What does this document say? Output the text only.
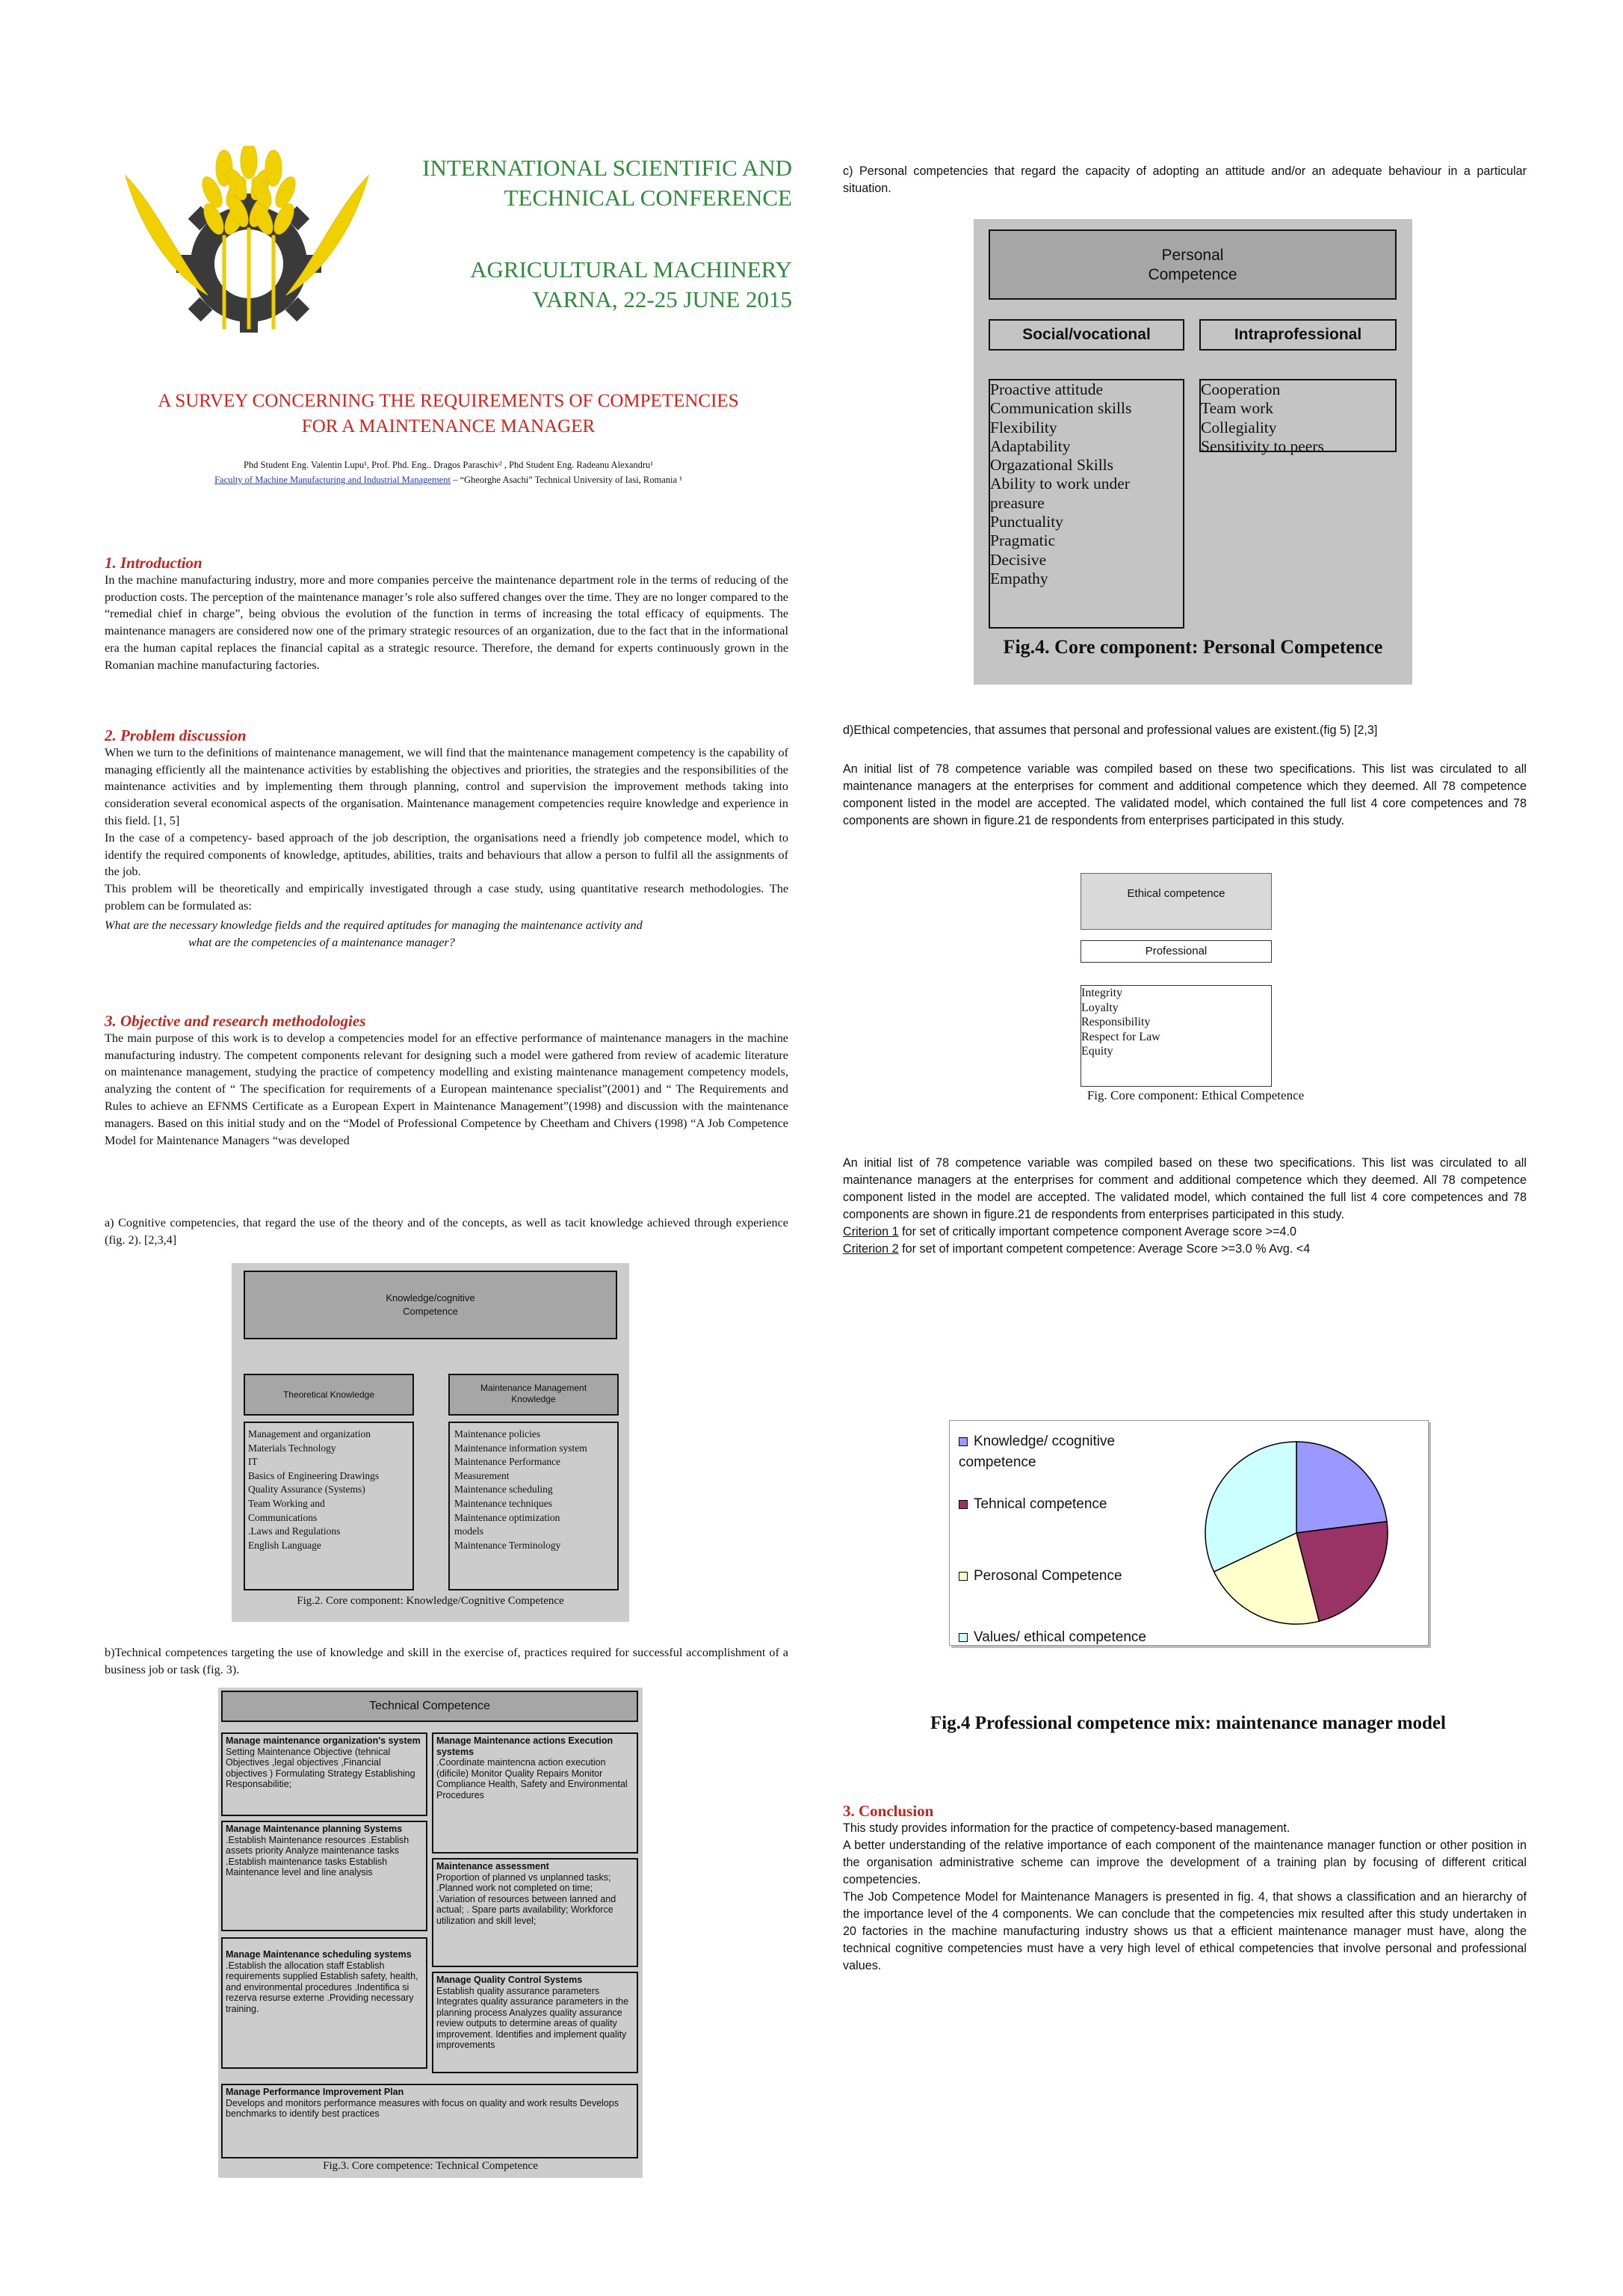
INTERNATIONAL SCIENTIFIC AND
TECHNICAL CONFERENCE
AGRICULTURAL MACHINERY
VARNA, 22-25 JUNE 2015
A SURVEY CONCERNING THE REQUIREMENTS OF COMPETENCIES
FOR A MAINTENANCE MANAGER
Phd Student Eng. Valentin Lupu¹, Prof. Phd. Eng.. Dragos Paraschiv² , Phd Student Eng. Radeanu Alexandru¹
Faculty of Machine Manufacturing and Industrial Management – “Gheorghe Asachi” Technical University of Iasi, Romania ¹
1. Introduction

In the machine manufacturing industry, more and more companies perceive the maintenance department role in the terms of reducing of the production costs. The perception of the maintenance manager’s role also suffered changes over the time. They are no longer compared to the “remedial chief in charge”, being obvious the evolution of the function in terms of increasing the total efficacy of equipments. The maintenance managers are considered now one of the primary strategic resources of an organization, due to the fact that in the informational era the human capital replaces the financial capital as a strategic resource. Therefore, the demand for experts continuously grown in the Romanian machine manufacturing factories.

2. Problem discussion

When we turn to the definitions of maintenance management, we will find that the maintenance management competency is the capability of managing efficiently all the maintenance activities by establishing the objectives and priorities, the strategies and the responsibilities of the maintenance activities and by implementing them through planning, control and supervision the improvement methods taking into consideration several economical aspects of the organisation. Maintenance management competencies require knowledge and experience in this field. [1, 5]

In the case of a competency- based approach of the job description, the organisations need a friendly job competence model, which to identify the required components of knowledge, aptitudes, abilities, traits and behaviours that allow a person to fulfil all the assignments of the job.

This problem will be theoretically and empirically investigated through a case study, using quantitative research methodologies. The problem can be formulated as:

What are the necessary knowledge fields and the required aptitudes for managing the maintenance activity and

what are the competencies of a maintenance manager?

3. Objective and research methodologies

The main purpose of this work is to develop a competencies model for an effective performance of maintenance managers in the machine manufacturing industry. The competent components relevant for designing such a model were gathered from review of academic literature on maintenance management, studying the practice of competency modelling and existing maintenance management competency models, analyzing the content of “ The specification for requirements of a European maintenance specialist”(2001) and “ The Requirements and Rules to achieve an EFNMS Certificate as a European Expert in Maintenance Management”(1998) and discussion with the maintenance managers. Based on this initial study and on the “Model of Professional Competence by Cheetham and Chivers (1998) “A Job Competence Model for Maintenance Managers “was developed

a) Cognitive competencies, that regard the use of the theory and of the concepts, as well as tacit knowledge achieved through experience (fig. 2). [2,3,4]
Knowledge/cognitive
Competence
Theoretical Knowledge
Maintenance Management
Knowledge
Management and organization
Materials Technology
IT
Basics of Engineering Drawings
Quality Assurance (Systems)
Team Working and
Communications
.Laws and Regulations
English Language
Maintenance policies
Maintenance information system
Maintenance Performance
Measurement
Maintenance scheduling
Maintenance techniques
Maintenance optimization
models
Maintenance Terminology
Fig.2. Core component: Knowledge/Cognitive Competence
b)Technical competences targeting the use of knowledge and skill in the exercise of, practices required for successful accomplishment of a business job or task (fig. 3).
Technical Competence
Manage maintenance organization's system
Setting Maintenance Objective (tehnical Objectives ,legal objectives ,Financial objectives ) Formulating Strategy Establishing Responsabilitie;
Manage Maintenance actions Execution systems
.Coordinate maintencna action execution (dificile) Monitor Quality Repairs Monitor Compliance Health, Safety and Environmental Procedures
Manage Maintenance planning Systems
.Establish Maintenance resources .Establish assets priority Analyze maintenance tasks .Establish maintenance tasks Establish Maintenance level and line analysis
Maintenance assessment
Proportion of planned vs unplanned tasks; .Planned work not completed on time; .Variation of resources between lanned and actual; . Spare parts availability; Workforce utilization and skill level;
Manage Maintenance scheduling systems
.Establish the allocation staff Establish requirements supplied Establish safety, health, and environmental procedures .Indentifica si rezerva resurse externe .Providing necessary training.
Manage Quality Control Systems
Establish quality assurance parameters Integrates quality assurance parameters in the planning process Analyzes quality assurance review outputs to determine areas of quality improvement. Identifies and implement quality improvements
Manage Performance Improvement Plan
Develops and monitors performance measures with focus on quality and work results Develops benchmarks to identify best practices
Fig.3. Core competence: Technical Competence
c) Personal competencies that regard the capacity of adopting an attitude and/or an adequate behaviour in a particular situation.
Personal
Competence
Social/vocational	Intraprofessional
Proactive attitude
Communication skills
Flexibility
Adaptability
Orgazational Skills
Ability to work under
preasure
Punctuality
Pragmatic
Decisive
Empathy
Cooperation
Team work
Collegiality
Sensitivity to peers
Fig.4. Core component: Personal Competence
d)Ethical competencies, that assumes that personal and professional values are existent.(fig 5) [2,3]
An initial list of 78 competence variable was compiled based on these two specifications. This list was circulated to all maintenance managers at the enterprises for comment and additional competence which they deemed. All 78 competence component listed in the model are accepted. The validated model, which contained the full list 4 core competences and 78 components are shown in figure.21 de respondents from enterprises participated in this study.
Ethical competence
Professional
Integrity
Loyalty
Responsibility
Respect for Law
Equity
Fig. Core component: Ethical Competence

An initial list of 78 competence variable was compiled based on these two specifications. This list was circulated to all maintenance managers at the enterprises for comment and additional competence which they deemed. All 78 competence component listed in the model are accepted. The validated model, which contained the full list 4 core competences and 78 components are shown in figure.21 de respondents from enterprises participated in this study.

Criterion 1 for set of critically important competence component Average score >=4.0

Criterion 2 for set of important competent competence: Average Score >=3.0 % Avg. <4

Knowledge/ ccognitive competence
Tehnical competence
Perosonal Competence
Values/ ethical competence
Fig.4 Professional competence mix: maintenance manager model
3. Conclusion

This study provides information for the practice of competency-based management.

A better understanding of the relative importance of each component of the maintenance manager function or other position in the organisation administrative scheme can improve the development of a training plan by focusing of different critical competencies.

The Job Competence Model for Maintenance Managers is presented in fig. 4, that shows a classification and an hierarchy of the importance level of the 4 components. We can conclude that the competencies mix resulted after this study undertaken in 20 factories in the machine manufacturing industry shows us that a efficient maintenance manager must have, along the technical cognitive competencies must have a very high level of ethical competencies that involve personal and professional values.
